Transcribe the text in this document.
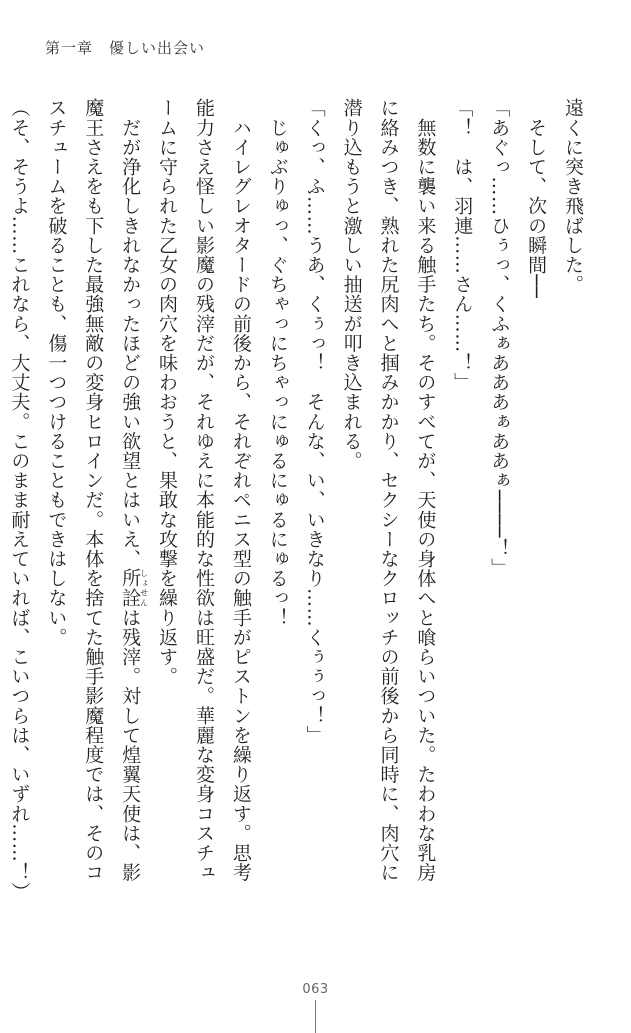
第一章　優しい出会い

遠くに突き飛ばした。

　そして、次の瞬間──

「あぐっ……ひぅっ、くふぁあああぁああぁ────！」

「！　は、羽連……さん……！」

　無数に襲い来る触手たち。そのすべてが、天使の身体へと喰らいついた。たわわな乳房

に絡みつき、熟れた尻肉へと掴みかかり、セクシーなクロッチの前後から同時に、肉穴に

潜り込もうと激しい抽送が叩き込まれる。

「くっ、ふ……うあ、くぅっ！　そんな、い、いきなり……くぅぅっ！」

　じゅぶりゅっ、ぐちゃっにちゃっにゅるにゅるにゅるっ！

　ハイレグレオタードの前後から、それぞれペニス型の触手がピストンを繰り返す。思考

能力さえ怪しい影魔の残滓だが、それゆえに本能的な性欲は旺盛だ。華麗な変身コスチュ

ームに守られた乙女の肉穴を味わおうと、果敢な攻撃を繰り返す。

　だが浄化しきれなかったほどの強い欲望とはいえ、所詮しょせんは残滓。対して煌翼天使は、影

魔王さえをも下した最強無敵の変身ヒロインだ。本体を捨てた触手影魔程度では、そのコ

スチュームを破ることも、傷一つつけることもできはしない。

（そ、そうよ……これなら、大丈夫。このまま耐えていれば、こいつらは、いずれ……！）

063
